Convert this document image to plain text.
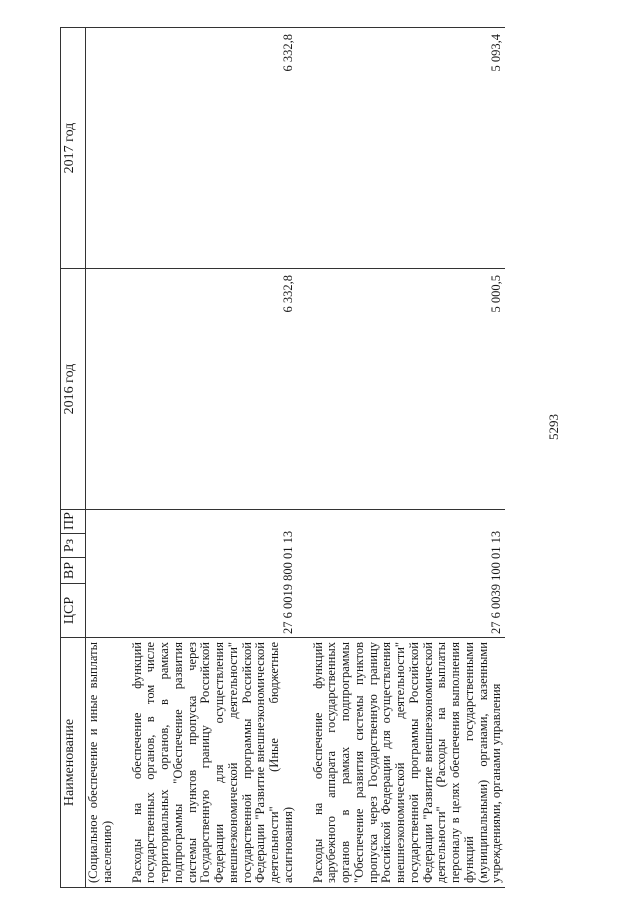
5293
Наименование	ЦСР	ВР	Рз	ПР	2016 год	2017 год
(Социальное обеспечение и иные выплаты населению)						

Расходы на обеспечение функций государственных органов, в том числе территориальных органов, в рамках подпрограммы "Обеспечение развития системы пунктов пропуска через Государственную границу Российской Федерации для осуществления внешнеэкономической деятельности" государственной программы Российской Федерации "Развитие внешнеэкономической деятельности" (Иные бюджетные ассигнования)	27 6 0019 800 01 13				6 332,8	6 332,8

Расходы на обеспечение функций зарубежного аппарата государственных органов в рамках подпрограммы "Обеспечение развития системы пунктов пропуска через Государственную границу Российской Федерации для осуществления внешнеэкономической деятельности" государственной программы Российской Федерации "Развитие внешнеэкономической деятельности" (Расходы на выплаты персоналу в целях обеспечения выполнения функций государственными (муниципальными) органами, казенными учреждениями, органами управления	27 6 0039 100 01 13				5 000,5	5 093,4
